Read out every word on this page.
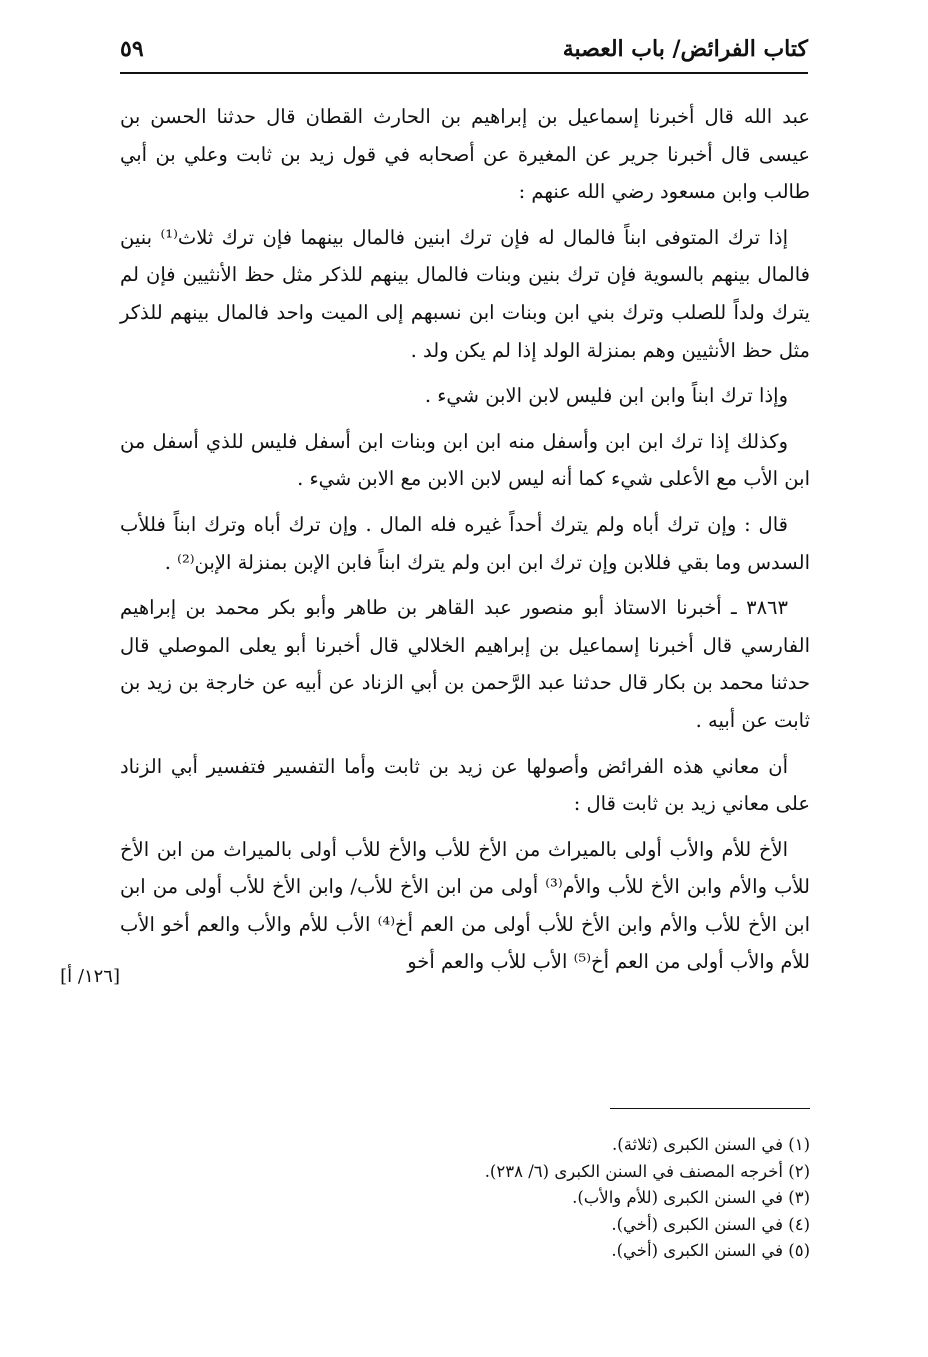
كتاب الفرائض/ باب العصبة
٥٩

عبد الله قال أخبرنا إسماعيل بن إبراهيم بن الحارث القطان قال حدثنا الحسن بن عيسى قال أخبرنا جرير عن المغيرة عن أصحابه في قول زيد بن ثابت وعلي بن أبي طالب وابن مسعود رضي الله عنهم :

إذا ترك المتوفى ابناً فالمال له فإن ترك ابنين فالمال بينهما فإن ترك ثلاث⁽¹⁾ بنين فالمال بينهم بالسوية فإن ترك بنين وبنات فالمال بينهم للذكر مثل حظ الأنثيين فإن لم يترك ولداً للصلب وترك بني ابن وبنات ابن نسبهم إلى الميت واحد فالمال بينهم للذكر مثل حظ الأنثيين وهم بمنزلة الولد إذا لم يكن ولد .

وإذا ترك ابناً وابن ابن فليس لابن الابن شيء .

وكذلك إذا ترك ابن ابن وأسفل منه ابن ابن وبنات ابن أسفل فليس للذي أسفل من ابن الأب مع الأعلى شيء كما أنه ليس لابن الابن مع الابن شيء .

قال : وإن ترك أباه ولم يترك أحداً غيره فله المال . وإن ترك أباه وترك ابناً فللأب السدس وما بقي فللابن وإن ترك ابن ابن ولم يترك ابناً فابن الإبن بمنزلة الإبن⁽²⁾ .

٣٨٦٣ ـ أخبرنا الاستاذ أبو منصور عبد القاهر بن طاهر وأبو بكر محمد بن إبراهيم الفارسي قال أخبرنا إسماعيل بن إبراهيم الخلالي قال أخبرنا أبو يعلى الموصلي قال حدثنا محمد بن بكار قال حدثنا عبد الرَّحمن بن أبي الزناد عن أبيه عن خارجة بن زيد بن ثابت عن أبيه .

أن معاني هذه الفرائض وأصولها عن زيد بن ثابت وأما التفسير فتفسير أبي الزناد على معاني زيد بن ثابت قال :

الأخ للأم والأب أولى بالميراث من الأخ للأب والأخ للأب أولى بالميراث من ابن الأخ للأب والأم وابن الأخ للأب والأم⁽³⁾ أولى من ابن الأخ للأب/ وابن الأخ للأب أولى من ابن ابن الأخ للأب والأم وابن الأخ للأب أولى من العم أخ⁽⁴⁾ الأب للأم والأب والعم أخو الأب للأم والأب أولى من العم أخ⁽⁵⁾ الأب للأب والعم أخو

[١٢٦/ أ]

(١) في السنن الكبرى (ثلاثة).

(٢) أخرجه المصنف في السنن الكبرى (٦/ ٢٣٨).

(٣) في السنن الكبرى (للأم والأب).

(٤) في السنن الكبرى (أخي).

(٥) في السنن الكبرى (أخي).
